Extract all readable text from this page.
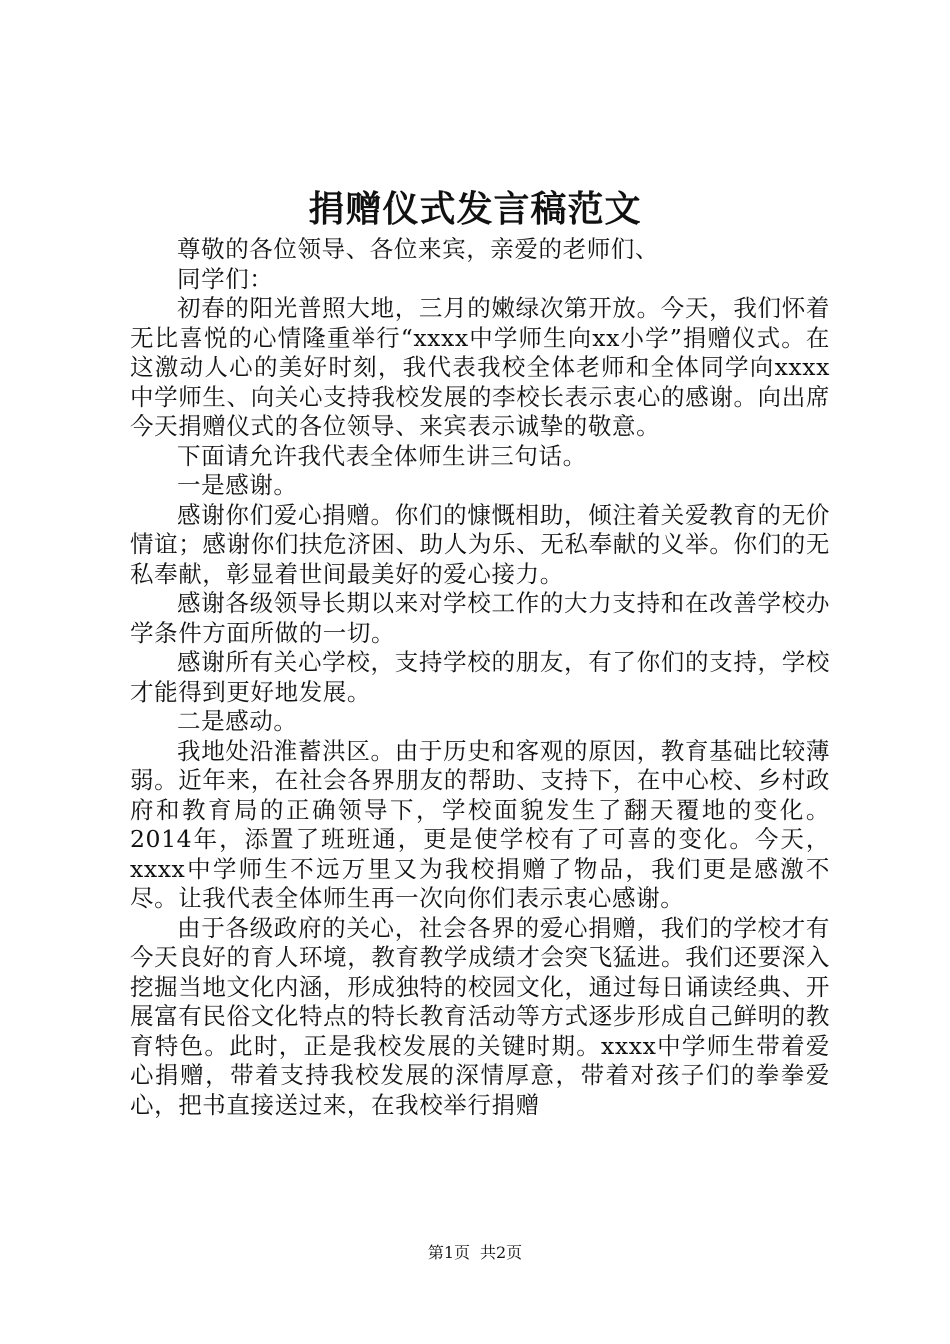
捐赠仪式发言稿范文

尊敬的各位领导、各位来宾，亲爱的老师们、

同学们：

初春的阳光普照大地，三月的嫩绿次第开放。今天，我们怀着无比喜悦的心情隆重举行“xxxx中学师生向xx小学”捐赠仪式。在这激动人心的美好时刻，我代表我校全体老师和全体同学向xxxx中学师生、向关心支持我校发展的李校长表示衷心的感谢。向出席今天捐赠仪式的各位领导、来宾表示诚挚的敬意。

下面请允许我代表全体师生讲三句话。

一是感谢。

感谢你们爱心捐赠。你们的慷慨相助，倾注着关爱教育的无价情谊；感谢你们扶危济困、助人为乐、无私奉献的义举。你们的无私奉献，彰显着世间最美好的爱心接力。

感谢各级领导长期以来对学校工作的大力支持和在改善学校办学条件方面所做的一切。

感谢所有关心学校，支持学校的朋友，有了你们的支持，学校才能得到更好地发展。

二是感动。

我地处沿淮蓄洪区。由于历史和客观的原因，教育基础比较薄弱。近年来，在社会各界朋友的帮助、支持下，在中心校、乡村政府和教育局的正确领导下，学校面貌发生了翻天覆地的变化。2014年，添置了班班通，更是使学校有了可喜的变化。今天，xxxx中学师生不远万里又为我校捐赠了物品，我们更是感激不尽。让我代表全体师生再一次向你们表示衷心感谢。

由于各级政府的关心，社会各界的爱心捐赠，我们的学校才有今天良好的育人环境，教育教学成绩才会突飞猛进。我们还要深入挖掘当地文化内涵，形成独特的校园文化，通过每日诵读经典、开展富有民俗文化特点的特长教育活动等方式逐步形成自己鲜明的教育特色。此时，正是我校发展的关键时期。xxxx中学师生带着爱心捐赠，带着支持我校发展的深情厚意，带着对孩子们的拳拳爱心，把书直接送过来，在我校举行捐赠

第1页 共2页
